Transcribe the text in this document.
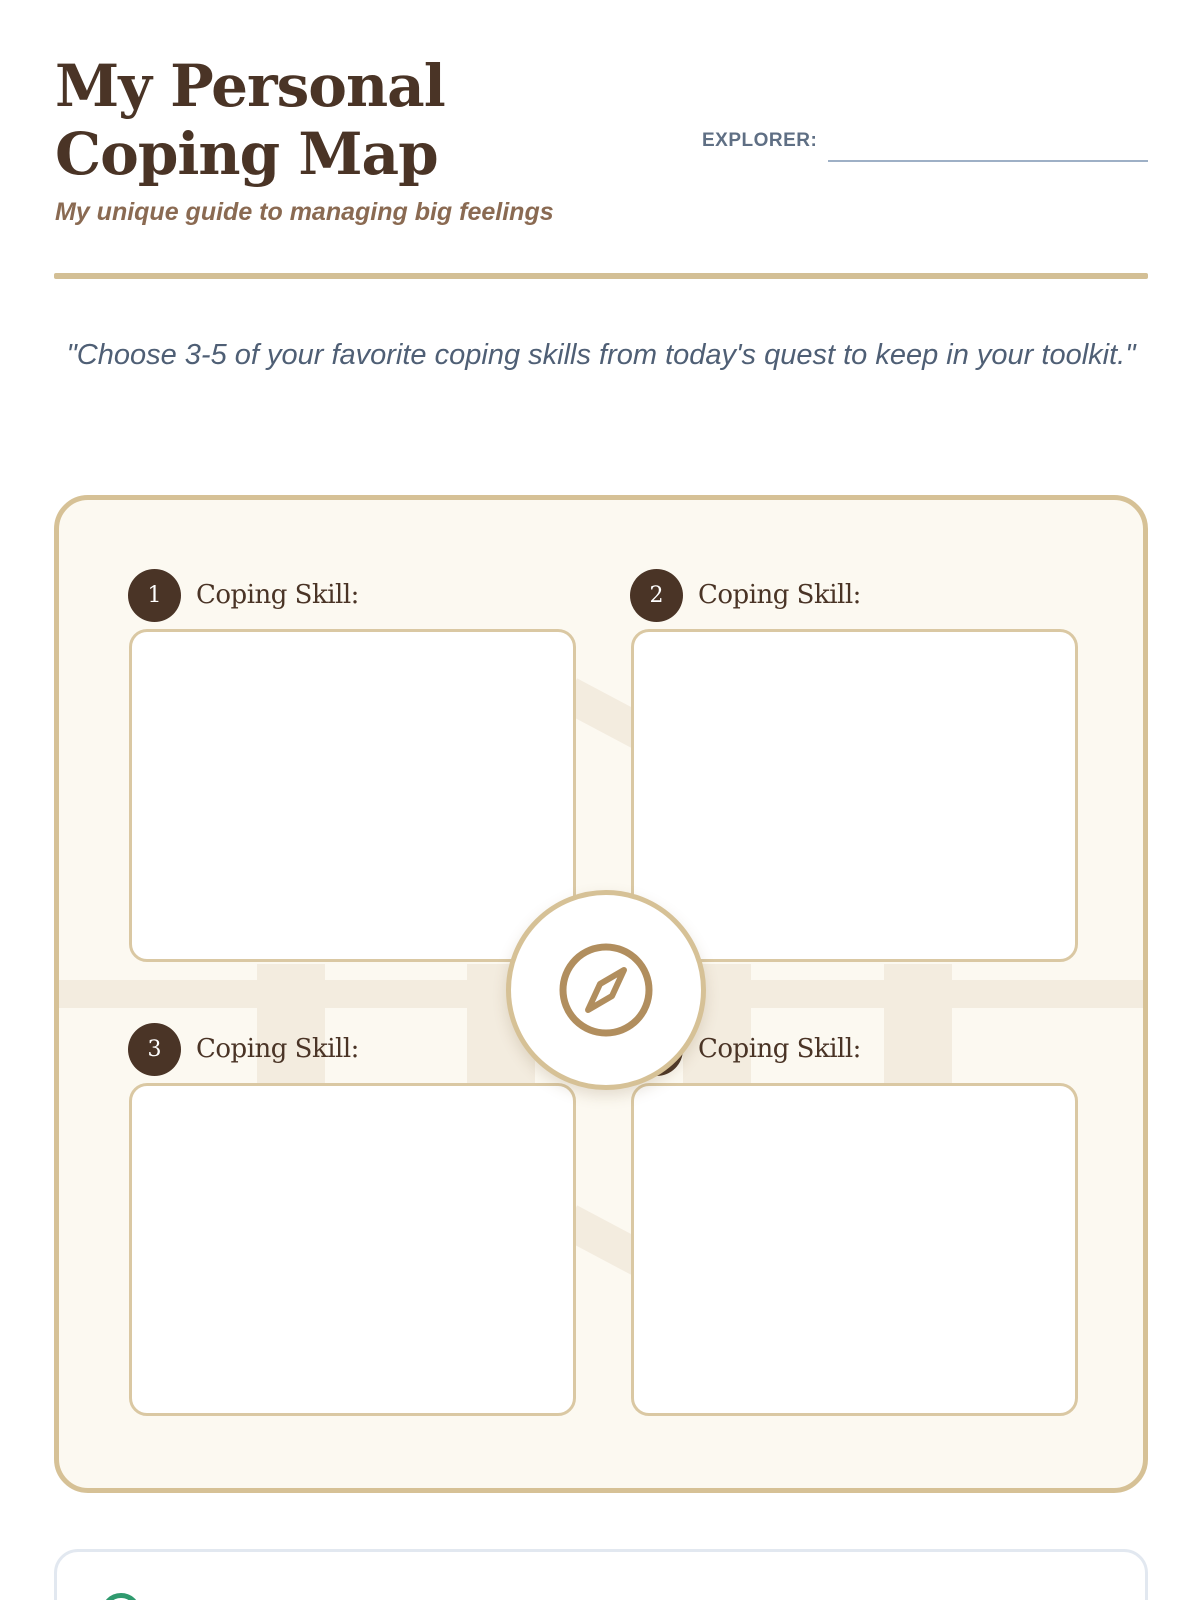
My Personal Coping Map
My unique guide to managing big feelings
EXPLORER:
"Choose 3-5 of your favorite coping skills from today's quest to keep in your toolkit."
1	Coping Skill:	2	Coping Skill:
3	Coping Skill:	Coping Skill:
